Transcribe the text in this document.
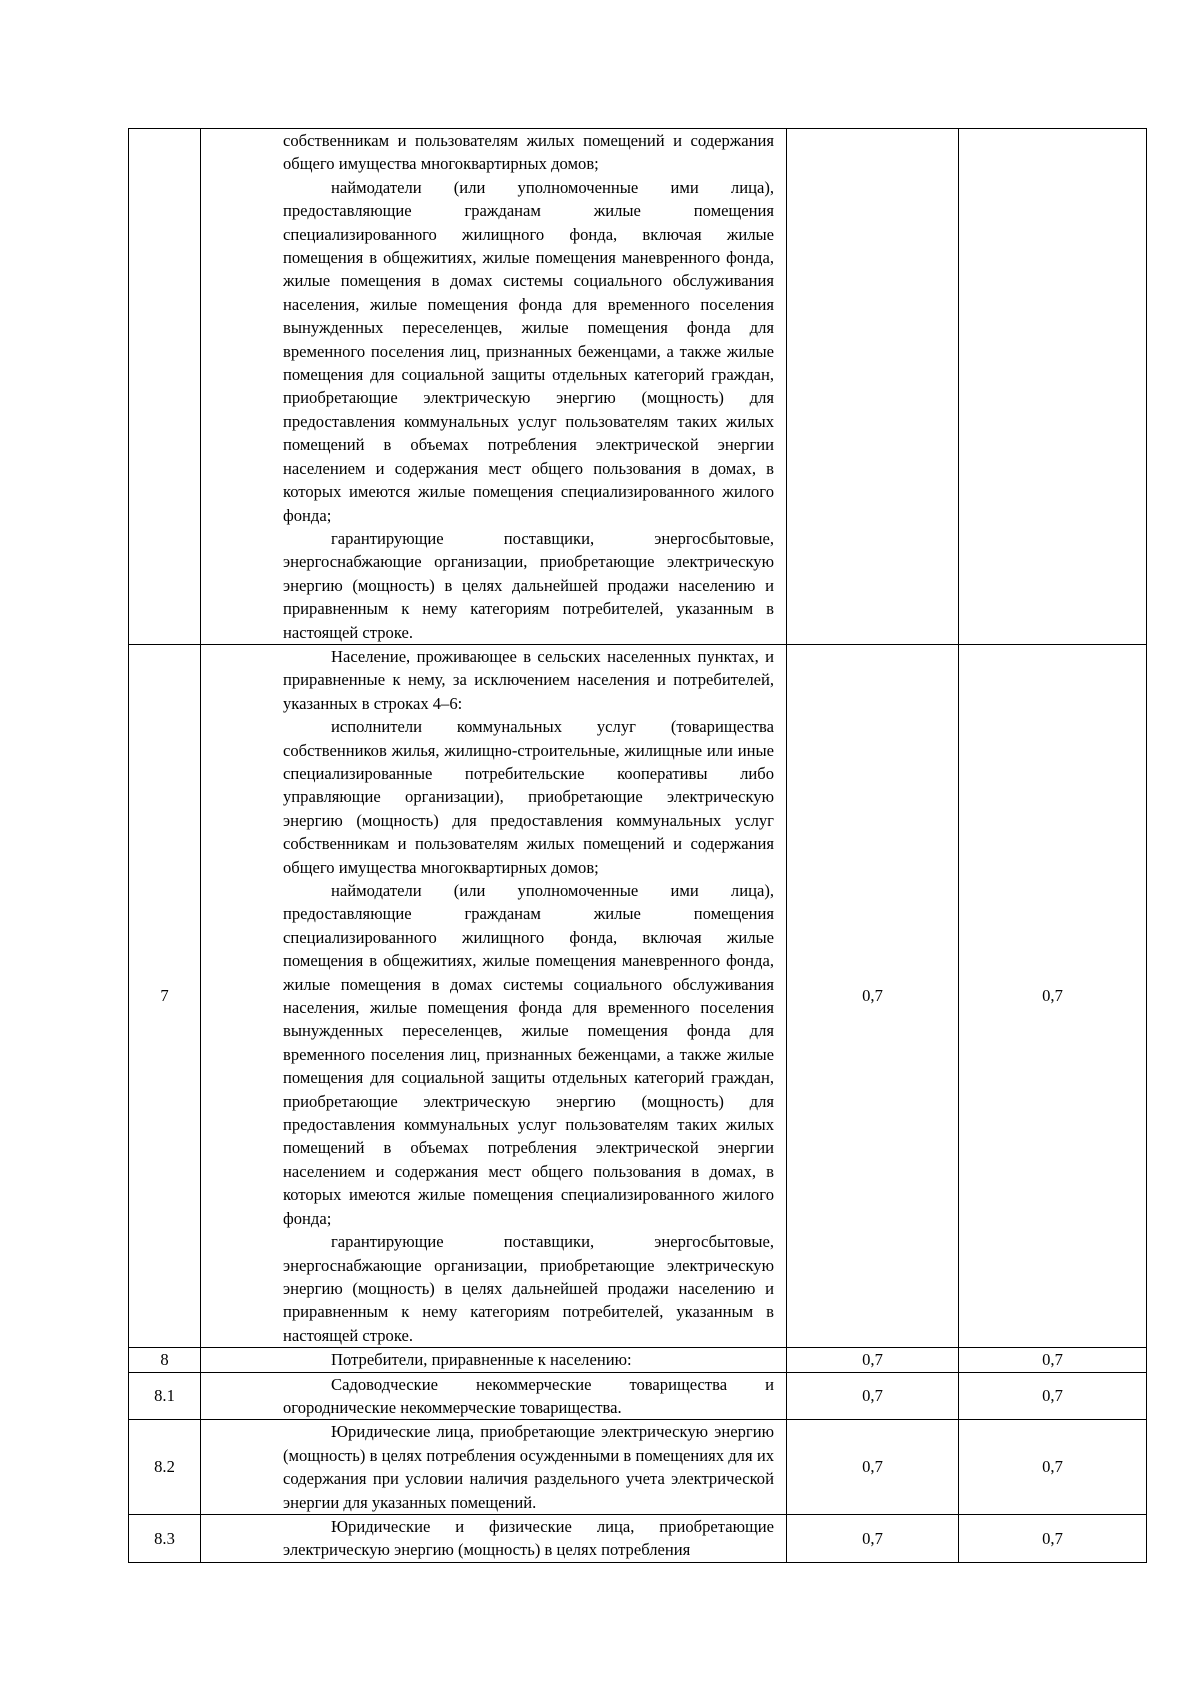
	собственникам и пользователям жилых помещений и содержания общего имущества многоквартирных домов;
наймодатели (или уполномоченные ими лица), предоставляющие гражданам жилые помещения специализированного жилищного фонда, включая жилые помещения в общежитиях, жилые помещения маневренного фонда, жилые помещения в домах системы социального обслуживания населения, жилые помещения фонда для временного поселения вынужденных переселенцев, жилые помещения фонда для временного поселения лиц, признанных беженцами, а также жилые помещения для социальной защиты отдельных категорий граждан, приобретающие электрическую энергию (мощность) для предоставления коммунальных услуг пользователям таких жилых помещений в объемах потребления электрической энергии населением и содержания мест общего пользования в домах, в которых имеются жилые помещения специализированного жилого фонда;
гарантирующие поставщики, энергосбытовые, энергоснабжающие организации, приобретающие электрическую энергию (мощность) в целях дальнейшей продажи населению и приравненным к нему категориям потребителей, указанным в настоящей строке.		

7	Население, проживающее в сельских населенных пунктах, и приравненные к нему, за исключением населения и потребителей, указанных в строках 4–6:
исполнители коммунальных услуг (товарищества собственников жилья, жилищно-строительные, жилищные или иные специализированные потребительские кооперативы либо управляющие организации), приобретающие электрическую энергию (мощность) для предоставления коммунальных услуг собственникам и пользователям жилых помещений и содержания общего имущества многоквартирных домов;
наймодатели (или уполномоченные ими лица), предоставляющие гражданам жилые помещения специализированного жилищного фонда, включая жилые помещения в общежитиях, жилые помещения маневренного фонда, жилые помещения в домах системы социального обслуживания населения, жилые помещения фонда для временного поселения вынужденных переселенцев, жилые помещения фонда для временного поселения лиц, признанных беженцами, а также жилые помещения для социальной защиты отдельных категорий граждан, приобретающие электрическую энергию (мощность) для предоставления коммунальных услуг пользователям таких жилых помещений в объемах потребления электрической энергии населением и содержания мест общего пользования в домах, в которых имеются жилые помещения специализированного жилого фонда;
гарантирующие поставщики, энергосбытовые, энергоснабжающие организации, приобретающие электрическую энергию (мощность) в целях дальнейшей продажи населению и приравненным к нему категориям потребителей, указанным в настоящей строке.	0,7	0,7
8	Потребители, приравненные к населению:	0,7	0,7
8.1	Садоводческие некоммерческие товарищества и огороднические некоммерческие товарищества.	0,7	0,7
8.2	Юридические лица, приобретающие электрическую энергию (мощность) в целях потребления осужденными в помещениях для их содержания при условии наличия раздельного учета электрической энергии для указанных помещений.	0,7	0,7
8.3	Юридические и физические лица, приобретающие электрическую энергию (мощность) в целях потребления	0,7	0,7
